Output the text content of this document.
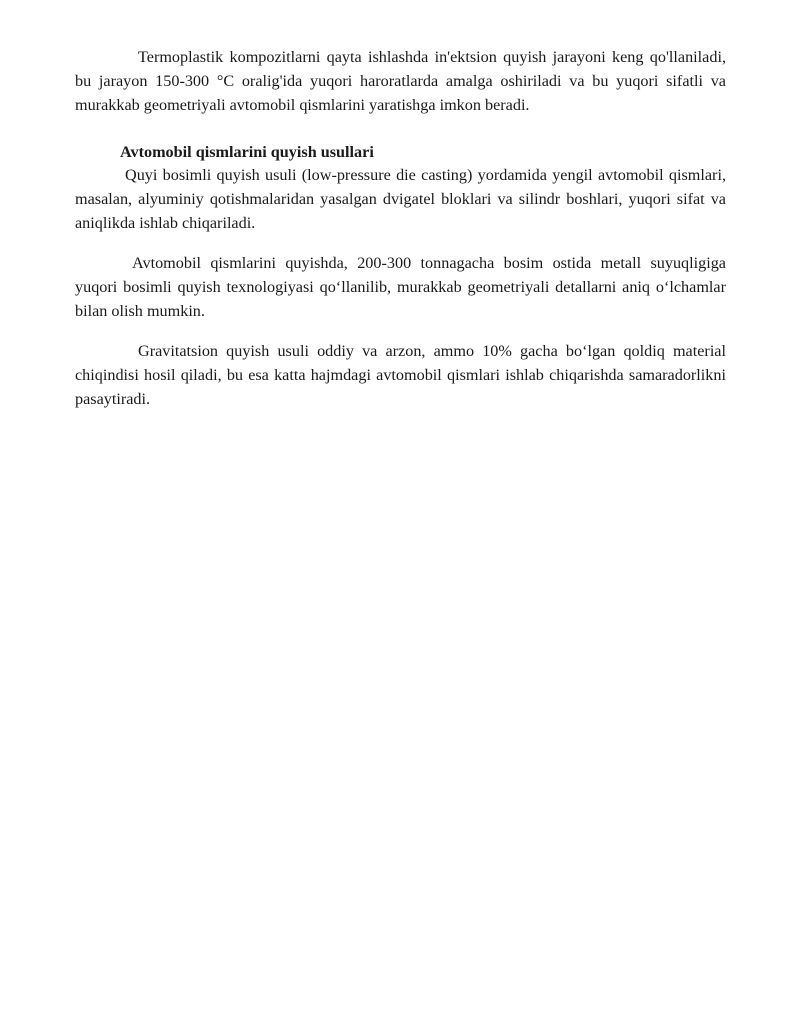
Termoplastik kompozitlarni qayta ishlashda in'ektsion quyish jarayoni keng qo'llaniladi, bu jarayon 150-300 °C oralig'ida yuqori haroratlarda amalga oshiriladi va bu yuqori sifatli va murakkab geometriyali avtomobil qismlarini yaratishga imkon beradi.

Avtomobil qismlarini quyish usullari

Quyi bosimli quyish usuli (low-pressure die casting) yordamida yengil avtomobil qismlari, masalan, alyuminiy qotishmalaridan yasalgan dvigatel bloklari va silindr boshlari, yuqori sifat va aniqlikda ishlab chiqariladi.

Avtomobil qismlarini quyishda, 200-300 tonnagacha bosim ostida metall suyuqligiga yuqori bosimli quyish texnologiyasi qo‘llanilib, murakkab geometriyali detallarni aniq o‘lchamlar bilan olish mumkin.

Gravitatsion quyish usuli oddiy va arzon, ammo 10% gacha bo‘lgan qoldiq material chiqindisi hosil qiladi, bu esa katta hajmdagi avtomobil qismlari ishlab chiqarishda samaradorlikni pasaytiradi.
